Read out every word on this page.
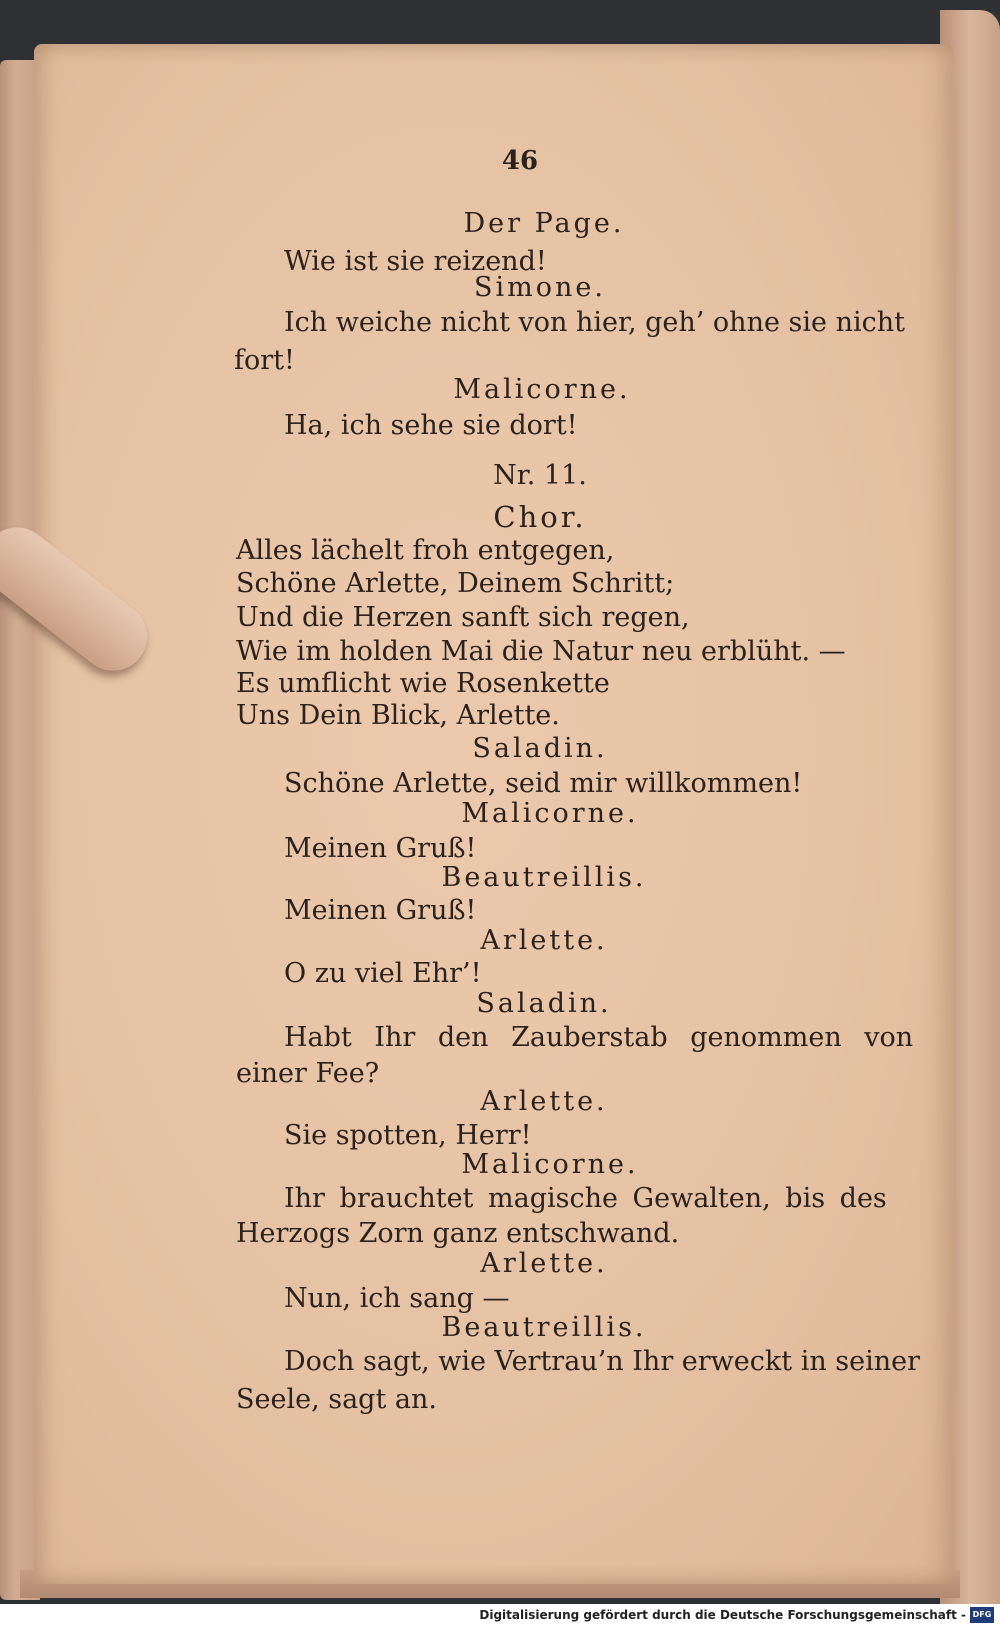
46
Der Page.
Wie ist sie reizend!
Simone.
Ich weiche nicht von hier, geh’ ohne sie nicht
fort!
Malicorne.
Ha, ich sehe sie dort!
Nr. 11.
Chor.
Alles lächelt froh entgegen,
Schöne Arlette, Deinem Schritt;
Und die Herzen sanft sich regen,
Wie im holden Mai die Natur neu erblüht. —
Es umflicht wie Rosenkette
Uns Dein Blick, Arlette.
Saladin.
Schöne Arlette, seid mir willkommen!
Malicorne.
Meinen Gruß!
Beautreillis.
Meinen Gruß!
Arlette.
O zu viel Ehr’!
Saladin.
Habt Ihr den Zauberstab genommen von
einer Fee?
Arlette.
Sie spotten, Herr!
Malicorne.
Ihr brauchtet magische Gewalten, bis des
Herzogs Zorn ganz entschwand.
Arlette.
Nun, ich sang —
Beautreillis.
Doch sagt, wie Vertrau’n Ihr erweckt in seiner
Seele, sagt an.
Digitalisierung gefördert durch die Deutsche Forschungsgemeinschaft - DFG
